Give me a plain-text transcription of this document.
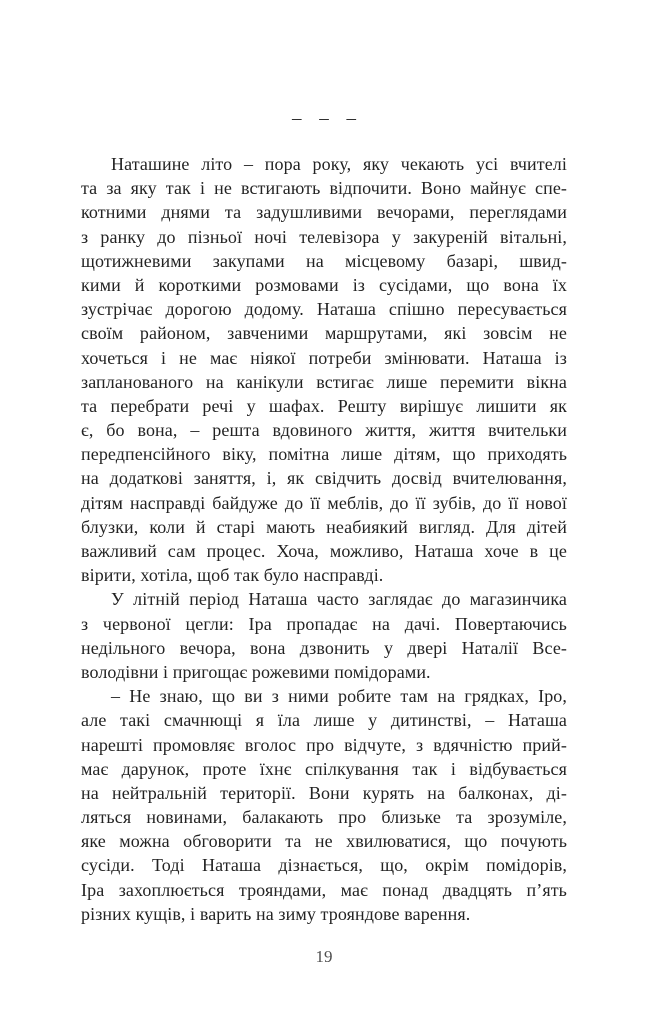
– – –
Наташине літо – пора року, яку чекають усі вчителі
та за яку так і не встигають відпочити. Воно майнує спе-
котними днями та задушливими вечорами, переглядами
з ранку до пізньої ночі телевізора у закуреній вітальні,
щотижневими закупами на місцевому базарі, швид-
кими й короткими розмовами із сусідами, що вона їх
зустрічає дорогою додому. Наташа спішно пересувається
своїм районом, завченими маршрутами, які зовсім не
хочеться і не має ніякої потреби змінювати. Наташа із
запланованого на канікули встигає лише перемити вікна
та перебрати речі у шафах. Решту вирішує лишити як
є, бо вона, – решта вдовиного життя, життя вчительки
передпенсійного віку, помітна лише дітям, що приходять
на додаткові заняття, і, як свідчить досвід вчителювання,
дітям насправді байдуже до її меблів, до її зубів, до її нової
блузки, коли й старі мають неабиякий вигляд. Для дітей
важливий сам процес. Хоча, можливо, Наташа хоче в це
вірити, хотіла, щоб так було насправді.
У літній період Наташа часто заглядає до магазинчика
з червоної цегли: Іра пропадає на дачі. Повертаючись
недільного вечора, вона дзвонить у двері Наталії Все-
володівни і пригощає рожевими помідорами.
– Не знаю, що ви з ними робите там на грядках, Іро,
але такі смачнющі я їла лише у дитинстві, – Наташа
нарешті промовляє вголос про відчуте, з вдячністю прий-
має дарунок, проте їхнє спілкування так і відбувається
на нейтральній території. Вони курять на балконах, ді-
ляться новинами, балакають про близьке та зрозуміле,
яке можна обговорити та не хвилюватися, що почують
сусіди. Тоді Наташа дізнається, що, окрім помідорів,
Іра захоплюється трояндами, має понад двадцять п’ять
різних кущів, і варить на зиму трояндове варення.
19
